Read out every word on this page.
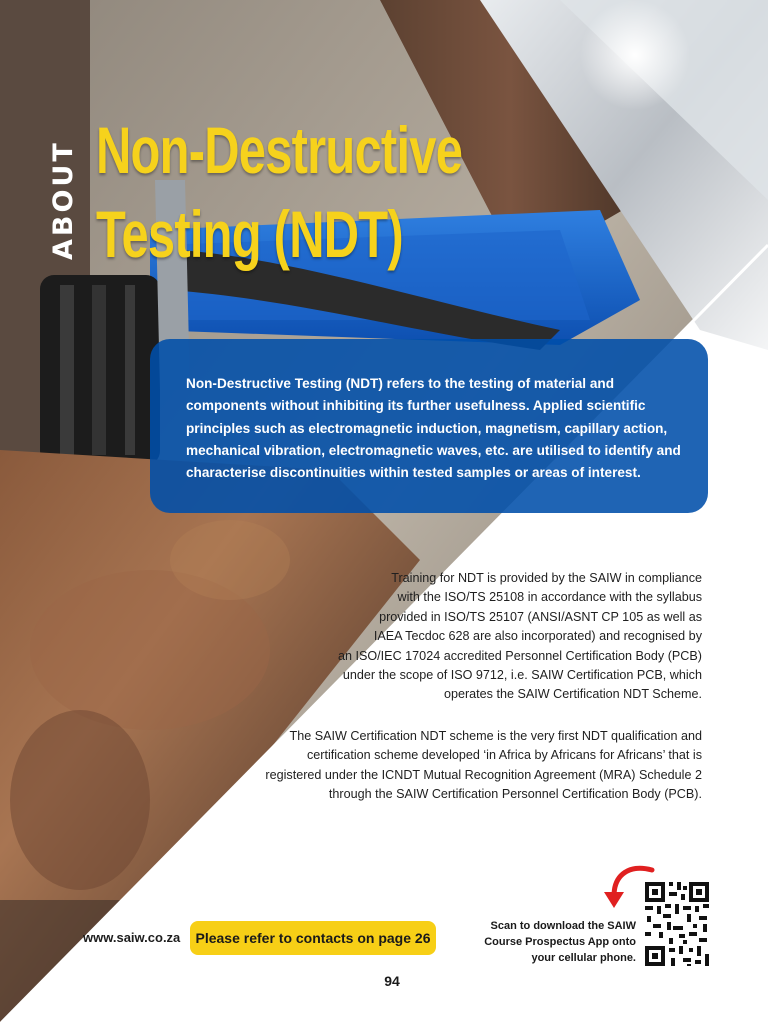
ABOUT Non-Destructive
Testing (NDT)
Non-Destructive Testing (NDT) refers to the testing of material and
components without inhibiting its further usefulness. Applied scientific
principles such as electromagnetic induction, magnetism, capillary action,
mechanical vibration, electromagnetic waves, etc. are utilised to identify and
characterise discontinuities within tested samples or areas of interest.
Training for NDT is provided by the SAIW in compliance
with the ISO/TS 25108 in accordance with the syllabus
provided in ISO/TS 25107 (ANSI/ASNT CP 105 as well as
IAEA Tecdoc 628 are also incorporated) and recognised by
an ISO/IEC 17024 accredited Personnel Certification Body (PCB)
under the scope of ISO 9712, i.e. SAIW Certification PCB, which
operates the SAIW Certification NDT Scheme.
The SAIW Certification NDT scheme is the very first NDT qualification and
certification scheme developed ‘in Africa by Africans for Africans’ that is
registered under the ICNDT Mutual Recognition Agreement (MRA) Schedule 2
through the SAIW Certification Personnel Certification Body (PCB).
www.saiw.co.za Please refer to contacts on page 26
94
Scan to download the SAIW
Course Prospectus App onto
your cellular phone.
